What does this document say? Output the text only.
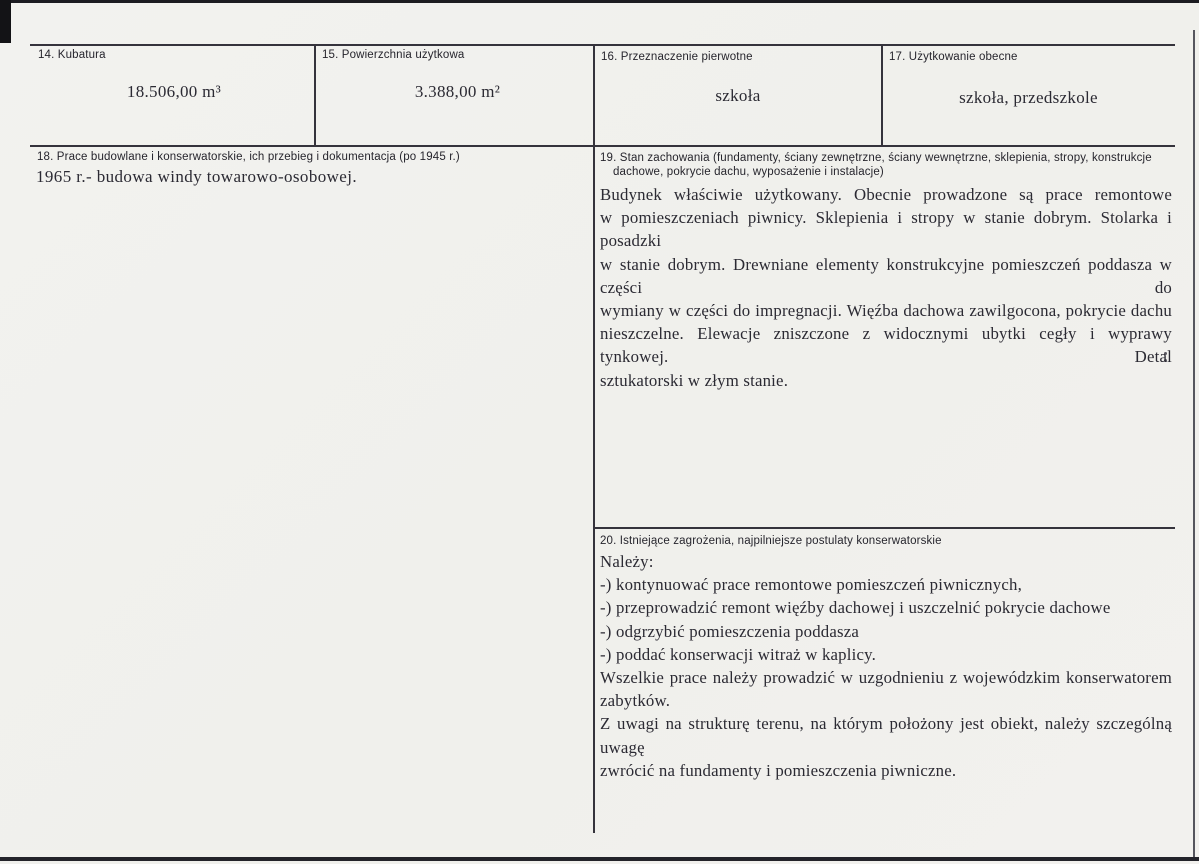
14. Kubatura
18.506,00 m³
15. Powierzchnia użytkowa
3.388,00 m²
16. Przeznaczenie pierwotne
szkoła
17. Użytkowanie obecne
szkoła, przedszkole
18. Prace budowlane i konserwatorskie, ich przebieg i dokumentacja (po 1945 r.)
1965 r.- budowa windy towarowo-osobowej.
19. Stan zachowania (fundamenty, ściany zewnętrzne, ściany wewnętrzne, sklepienia, stropy, konstrukcje
dachowe, pokrycie dachu, wyposażenie i instalacje)
Budynek właściwie użytkowany. Obecnie prowadzone są prace remontowe
w pomieszczeniach piwnicy. Sklepienia i stropy w stanie dobrym. Stolarka i posadzki
w stanie dobrym. Drewniane elementy konstrukcyjne pomieszczeń poddasza w części do
wymiany w części do impregnacji. Więźba dachowa zawilgocona, pokrycie dachu
nieszczelne. Elewacje zniszczone z widocznymi ubytki cegły i wyprawy tynkowej. Detal
sztukatorski w złym stanie.
20. Istniejące zagrożenia, najpilniejsze postulaty konserwatorskie
Należy:
-) kontynuować prace remontowe pomieszczeń piwnicznych,
-) przeprowadzić remont więźby dachowej i uszczelnić pokrycie dachowe
-) odgrzybić pomieszczenia poddasza
-) poddać konserwacji witraż w kaplicy.
Wszelkie prace należy prowadzić w uzgodnieniu z wojewódzkim konserwatorem
zabytków.
Z uwagi na strukturę terenu, na którym położony jest obiekt, należy szczególną uwagę
zwrócić na fundamenty i pomieszczenia piwniczne.
